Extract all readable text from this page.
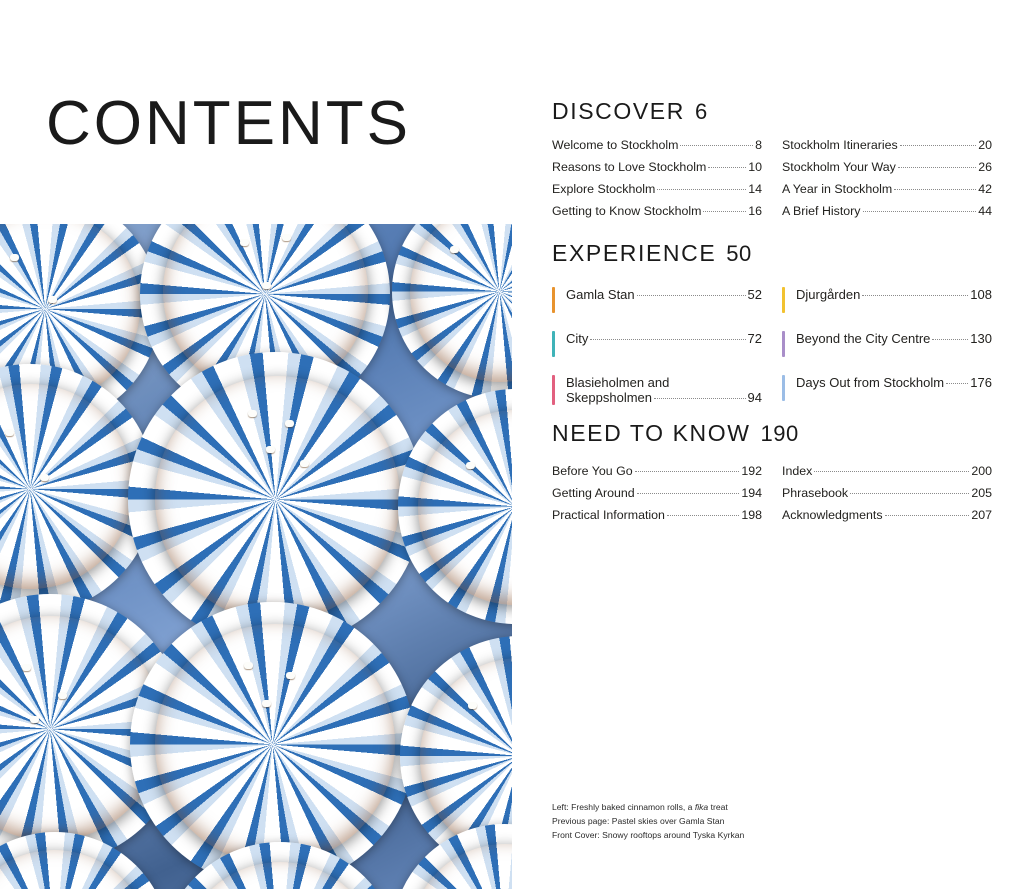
CONTENTS	DISCOVER 6
Welcome to Stockholm	8
Reasons to Love Stockholm	10
Explore Stockholm	14
Getting to Know Stockholm	16
Stockholm Itineraries	20
Stockholm Your Way	26
A Year in Stockholm	42
A Brief History	44
EXPERIENCE 50
Gamla Stan	52
City	72
Blasieholmen and
Skeppsholmen	94
Djurgården	108
Beyond the City Centre	130
Days Out from Stockholm 176
NEED TO KNOW 190
Before You Go	192
Getting Around	194
Practical Information	198
Index	200
Phrasebook	205
Acknowledgments	207
Left: Freshly baked cinnamon rolls, a fika treat
Previous page: Pastel skies over Gamla Stan
Front Cover: Snowy rooftops around Tyska Kyrkan
